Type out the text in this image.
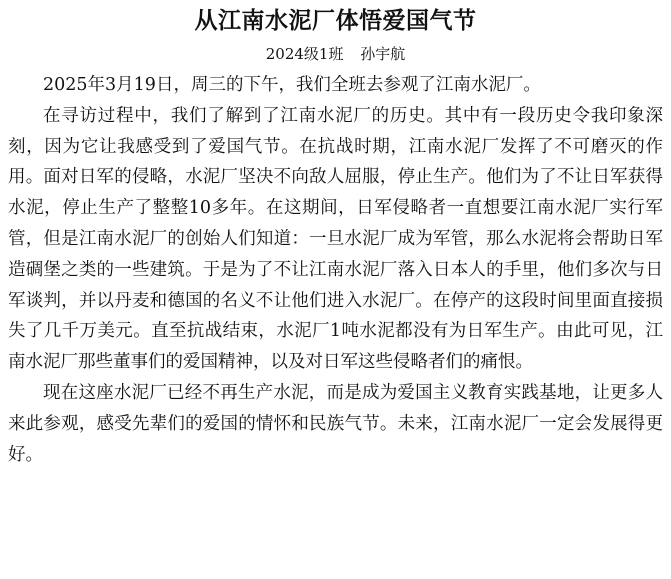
从江南水泥厂体悟爱国气节
2024级1班 孙宇航

2025年3月19日，周三的下午，我们全班去参观了江南水泥厂。

在寻访过程中，我们了解到了江南水泥厂的历史。其中有一段历史令我印象深刻，因为它让我感受到了爱国气节。在抗战时期，江南水泥厂发挥了不可磨灭的作用。面对日军的侵略，水泥厂坚决不向敌人屈服，停止生产。他们为了不让日军获得水泥，停止生产了整整10多年。在这期间，日军侵略者一直想要江南水泥厂实行军管，但是江南水泥厂的创始人们知道：一旦水泥厂成为军管，那么水泥将会帮助日军造碉堡之类的一些建筑。于是为了不让江南水泥厂落入日本人的手里，他们多次与日军谈判，并以丹麦和德国的名义不让他们进入水泥厂。在停产的这段时间里面直接损失了几千万美元。直至抗战结束，水泥厂1吨水泥都没有为日军生产。由此可见，江南水泥厂那些董事们的爱国精神，以及对日军这些侵略者们的痛恨。

现在这座水泥厂已经不再生产水泥，而是成为爱国主义教育实践基地，让更多人来此参观，感受先辈们的爱国的情怀和民族气节。未来，江南水泥厂一定会发展得更好。
